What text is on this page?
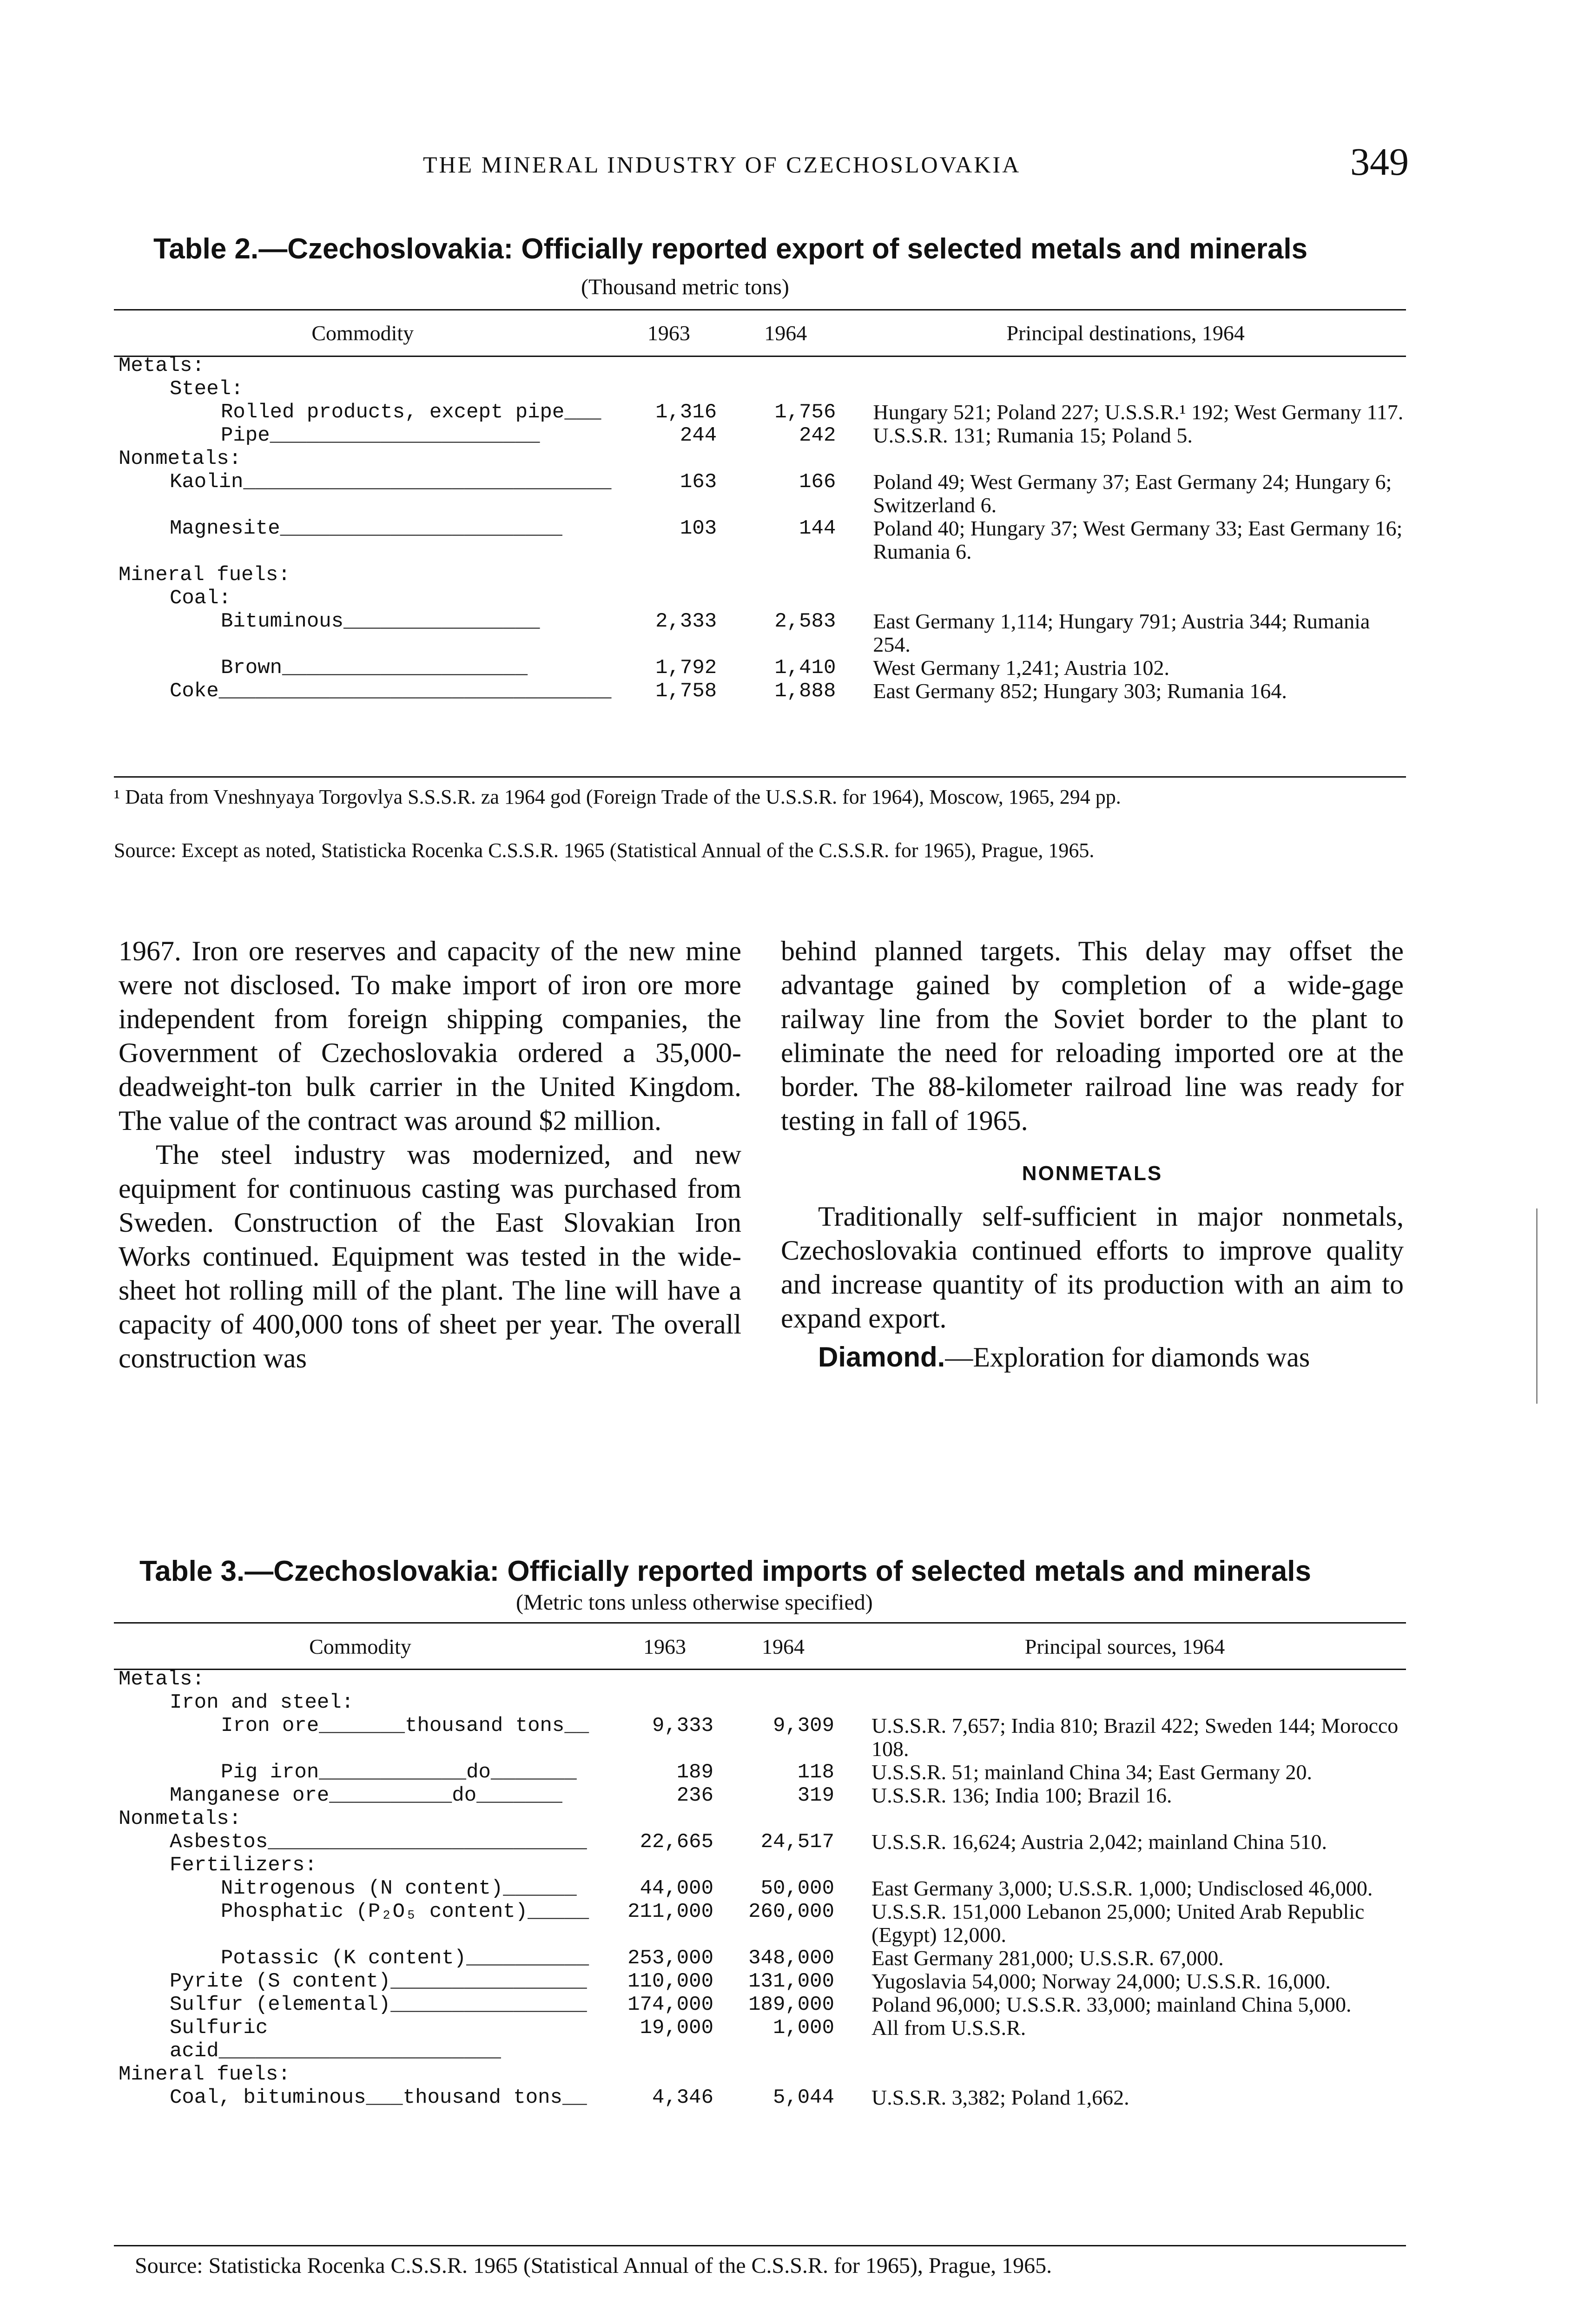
THE MINERAL INDUSTRY OF CZECHOSLOVAKIA	349
Table 2.—Czechoslovakia: Officially reported export of selected metals and minerals
(Thousand metric tons)
Commodity	1963	1964	Principal destinations, 1964
Metals:			
Steel:			
Rolled products, except pipe___	1,316	1,756	Hungary 521; Poland 227; U.S.S.R.¹ 192; West Germany 117.
Pipe______________________	244	242	U.S.S.R. 131; Rumania 15; Poland 5.
Nonmetals:			
Kaolin______________________________	163	166	Poland 49; West Germany 37; East Germany 24; Hungary 6; Switzerland 6.
Magnesite_______________________	103	144	Poland 40; Hungary 37; West Germany 33; East Germany 16; Rumania 6.
Mineral fuels:			
Coal:			
Bituminous________________	2,333	2,583	East Germany 1,114; Hungary 791; Austria 344; Rumania 254.
Brown____________________	1,792	1,410	West Germany 1,241; Austria 102.
Coke________________________________	1,758	1,888	East Germany 852; Hungary 303; Rumania 164.
¹ Data from Vneshnyaya Torgovlya S.S.S.R. za 1964 god (Foreign Trade of the U.S.S.R. for 1964), Moscow, 1965, 294 pp.
Source: Except as noted, Statisticka Rocenka C.S.S.R. 1965 (Statistical Annual of the C.S.S.R. for 1965), Prague, 1965.

1967. Iron ore reserves and capacity of the new mine were not disclosed. To make import of iron ore more independent from foreign shipping companies, the Government of Czechoslovakia ordered a 35,000-deadweight-ton bulk carrier in the United Kingdom. The value of the contract was around $2 million.

The steel industry was modernized, and new equipment for continuous casting was purchased from Sweden. Construction of the East Slovakian Iron Works continued. Equipment was tested in the wide-sheet hot rolling mill of the plant. The line will have a capacity of 400,000 tons of sheet per year. The overall construction was

behind planned targets. This delay may offset the advantage gained by completion of a wide-gage railway line from the Soviet border to the plant to eliminate the need for reloading imported ore at the border. The 88-kilometer railroad line was ready for testing in fall of 1965.

NONMETALS

Traditionally self-sufficient in major nonmetals, Czechoslovakia continued efforts to improve quality and increase quantity of its production with an aim to expand export.

Diamond.—Exploration for diamonds was

Table 3.—Czechoslovakia: Officially reported imports of selected metals and minerals
(Metric tons unless otherwise specified)
Commodity	1963	1964	Principal sources, 1964
Metals:			
Iron and steel:			
Iron ore_______thousand tons__	9,333	9,309	U.S.S.R. 7,657; India 810; Brazil 422; Sweden 144; Morocco 108.
Pig iron____________do_______	189	118	U.S.S.R. 51; mainland China 34; East Germany 20.
Manganese ore__________do_______	236	319	U.S.S.R. 136; India 100; Brazil 16.
Nonmetals:			
Asbestos__________________________	22,665	24,517	U.S.S.R. 16,624; Austria 2,042; mainland China 510.
Fertilizers:			
Nitrogenous (N content)______	44,000	50,000	East Germany 3,000; U.S.S.R. 1,000; Undisclosed 46,000.
Phosphatic (P₂O₅ content)_____	211,000	260,000	U.S.S.R. 151,000 Lebanon 25,000; United Arab Republic (Egypt) 12,000.
Potassic (K content)__________	253,000	348,000	East Germany 281,000; U.S.S.R. 67,000.
Pyrite (S content)________________	110,000	131,000	Yugoslavia 54,000; Norway 24,000; U.S.S.R. 16,000.
Sulfur (elemental)________________	174,000	189,000	Poland 96,000; U.S.S.R. 33,000; mainland China 5,000.
Sulfuric acid_______________________	19,000	1,000	All from U.S.S.R.
Mineral fuels:			
Coal, bituminous___thousand tons__	4,346	5,044	U.S.S.R. 3,382; Poland 1,662.
Source: Statisticka Rocenka C.S.S.R. 1965 (Statistical Annual of the C.S.S.R. for 1965), Prague, 1965.
